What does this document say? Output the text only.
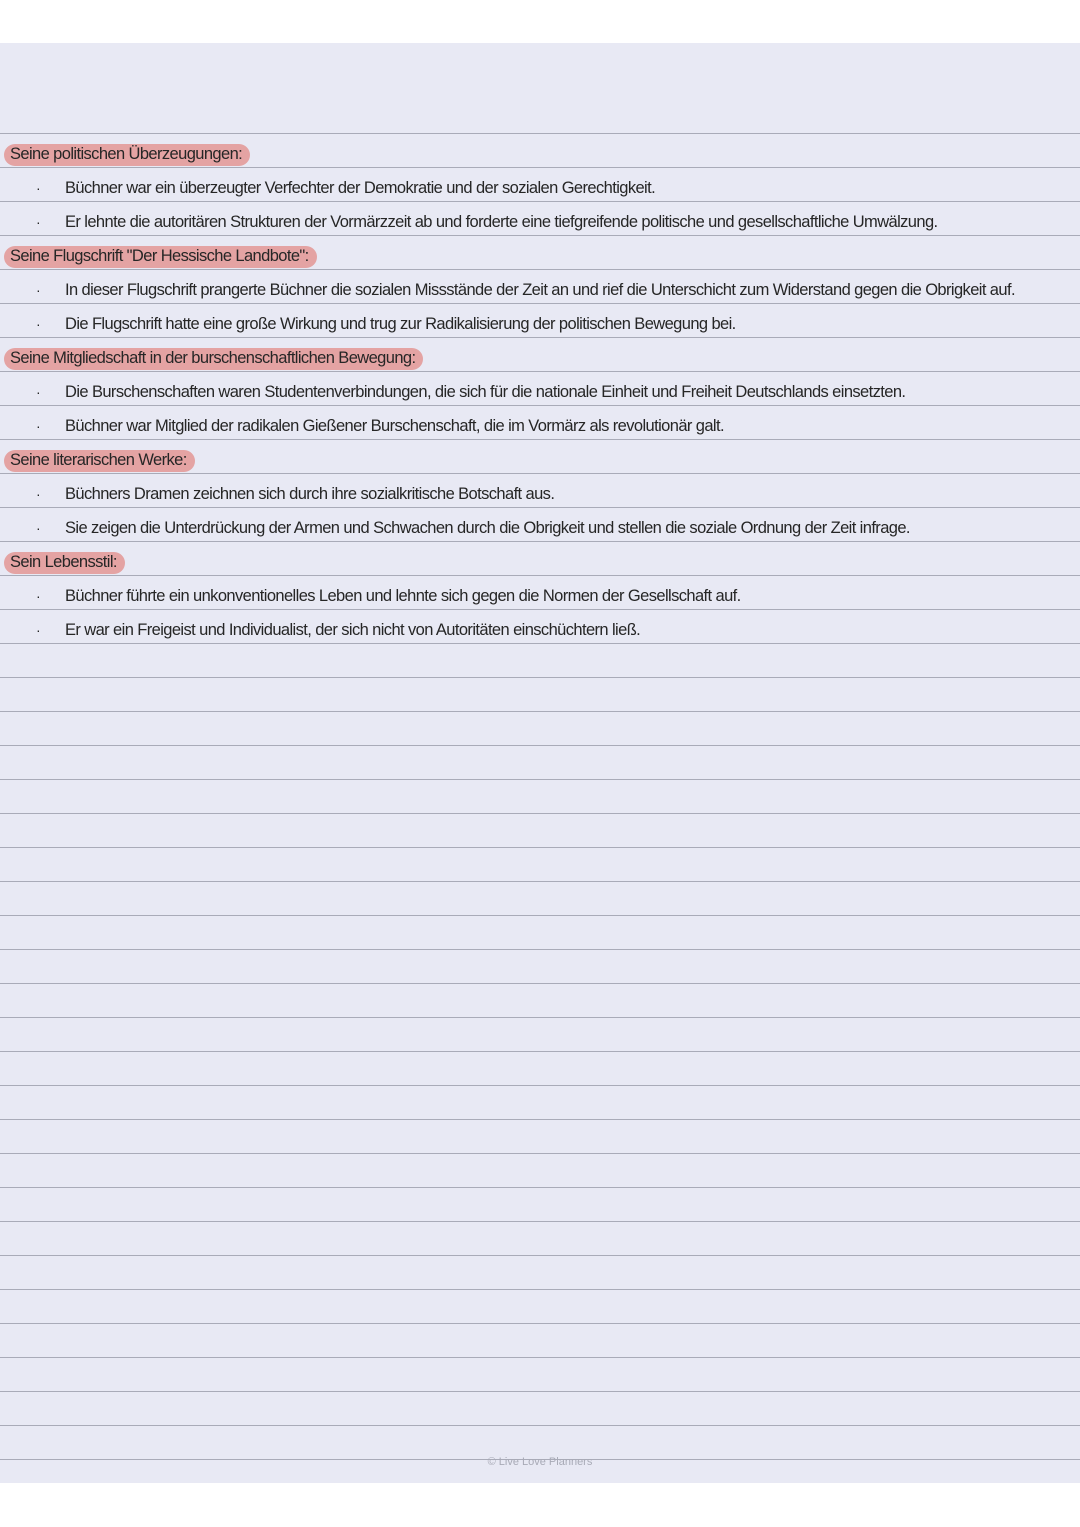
Seine politischen Überzeugungen:
· Büchner war ein überzeugter Verfechter der Demokratie und der sozialen Gerechtigkeit.
· Er lehnte die autoritären Strukturen der Vormärzzeit ab und forderte eine tiefgreifende politische und gesellschaftliche Umwälzung.
Seine Flugschrift "Der Hessische Landbote":
· In dieser Flugschrift prangerte Büchner die sozialen Missstände der Zeit an und rief die Unterschicht zum Widerstand gegen die Obrigkeit auf.
· Die Flugschrift hatte eine große Wirkung und trug zur Radikalisierung der politischen Bewegung bei.
Seine Mitgliedschaft in der burschenschaftlichen Bewegung:
· Die Burschenschaften waren Studentenverbindungen, die sich für die nationale Einheit und Freiheit Deutschlands einsetzten.
· Büchner war Mitglied der radikalen Gießener Burschenschaft, die im Vormärz als revolutionär galt.
Seine literarischen Werke:
· Büchners Dramen zeichnen sich durch ihre sozialkritische Botschaft aus.
· Sie zeigen die Unterdrückung der Armen und Schwachen durch die Obrigkeit und stellen die soziale Ordnung der Zeit infrage.
Sein Lebensstil:
· Büchner führte ein unkonventionelles Leben und lehnte sich gegen die Normen der Gesellschaft auf.
· Er war ein Freigeist und Individualist, der sich nicht von Autoritäten einschüchtern ließ.
© Live Love Planners
